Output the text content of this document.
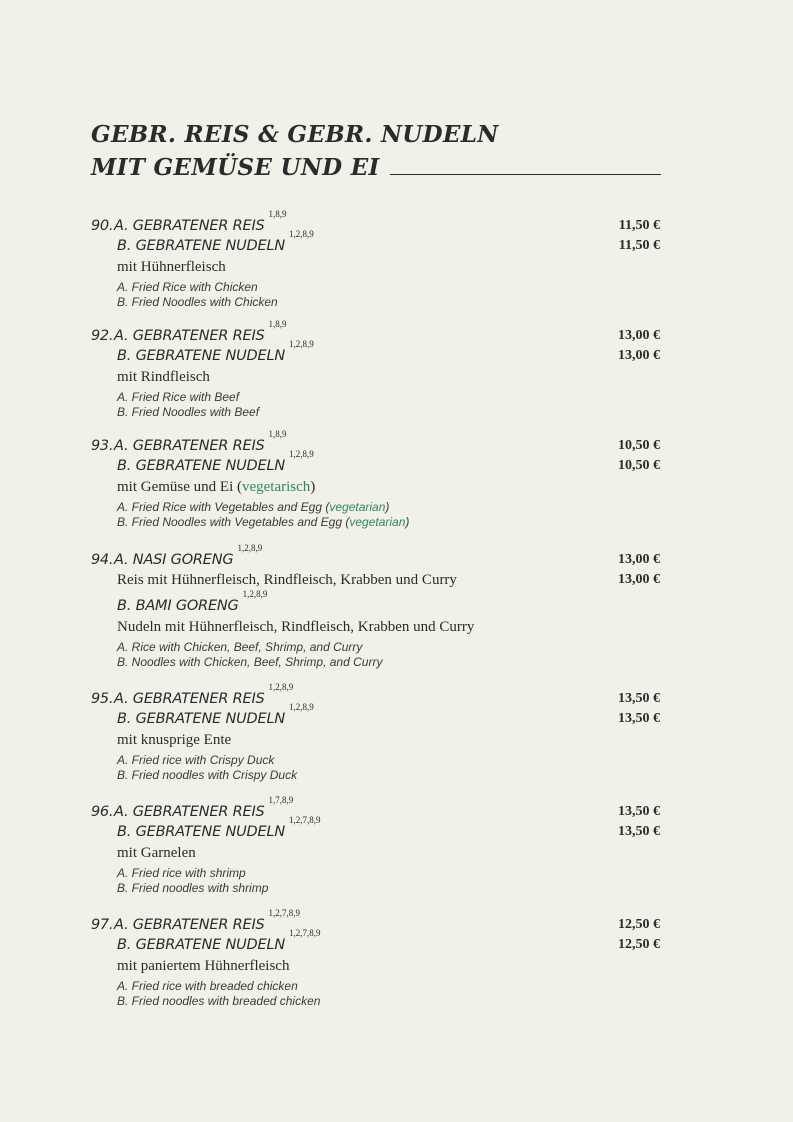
GEBR. REIS & GEBR. NUDELN
MIT GEMÜSE UND EI
90. A. GEBRATENER REIS$^{1,8,9}$
11,50 €
B. GEBRATENE NUDELN$^{1,2,8,9}$
11,50 €
mit Hühnerfleisch
A. Fried Rice with Chicken
B. Fried Noodles with Chicken
92. A. GEBRATENER REIS$^{1,8,9}$
13,00 €
B. GEBRATENE NUDELN$^{1,2,8,9}$
13,00 €
mit Rindfleisch
A. Fried Rice with Beef
B. Fried Noodles with Beef
93. A. GEBRATENER REIS$^{1,8,9}$
10,50 €
B. GEBRATENE NUDELN$^{1,2,8,9}$
10,50 €
mit Gemüse und Ei (vegetarisch)
A. Fried Rice with Vegetables and Egg (vegetarian)
B. Fried Noodles with Vegetables and Egg (vegetarian)
94. A. NASI GORENG$^{1,2,8,9}$
13,00 €
Reis mit Hühnerfleisch, Rindfleisch, Krabben und Curry	13,00 €
B. BAMI GORENG$^{1,2,8,9}$
Nudeln mit Hühnerfleisch, Rindfleisch, Krabben und Curry
A. Rice with Chicken, Beef, Shrimp, and Curry
B. Noodles with Chicken, Beef, Shrimp, and Curry
95. A. GEBRATENER REIS$^{1,2,8,9}$
13,50 €
B. GEBRATENE NUDELN$^{1,2,8,9}$
13,50 €
mit knusprige Ente
A. Fried rice with Crispy Duck
B. Fried noodles with Crispy Duck
96. A. GEBRATENER REIS$^{1,7,8,9}$
13,50 €
B. GEBRATENE NUDELN$^{1,2,7,8,9}$
13,50 €
mit Garnelen
A. Fried rice with shrimp
B. Fried noodles with shrimp
97. A. GEBRATENER REIS$^{1,2,7,8,9}$
12,50 €
B. GEBRATENE NUDELN$^{1,2,7,8,9}$
12,50 €
mit paniertem Hühnerfleisch
A. Fried rice with breaded chicken
B. Fried noodles with breaded chicken
